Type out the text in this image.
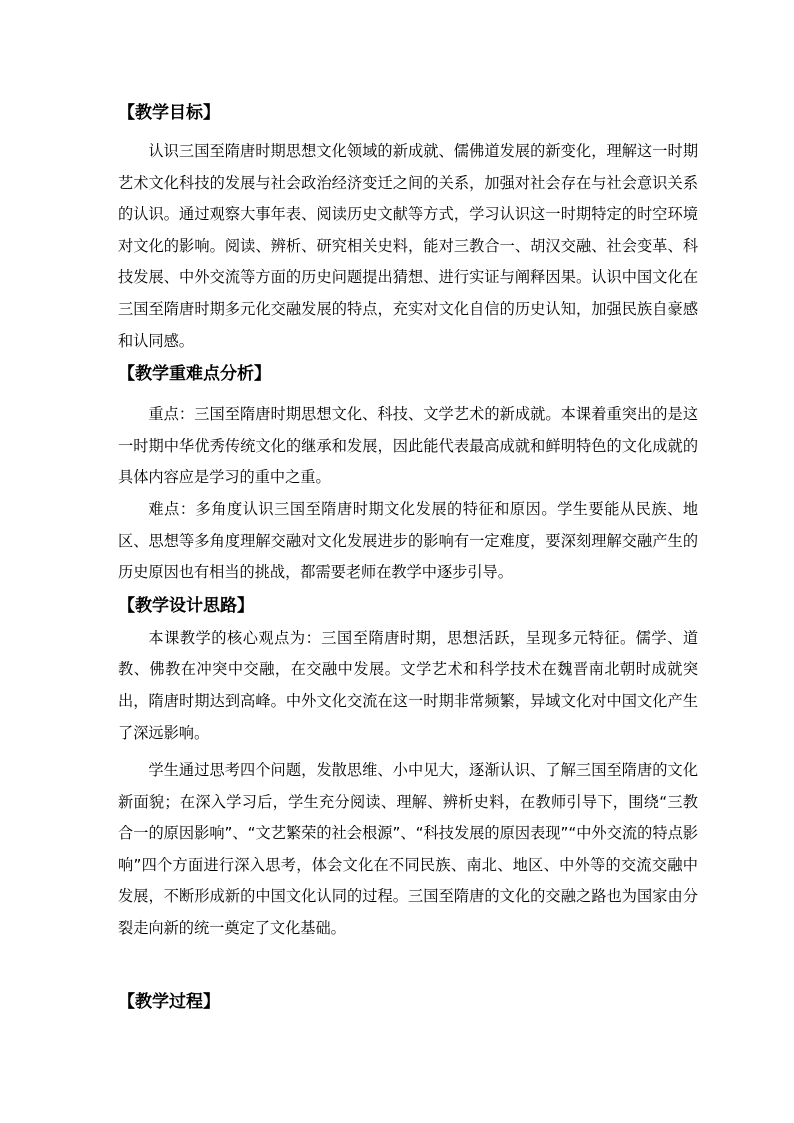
【教学目标】

认识三国至隋唐时期思想文化领域的新成就、儒佛道发展的新变化，理解这一时期艺术文化科技的发展与社会政治经济变迁之间的关系，加强对社会存在与社会意识关系的认识。通过观察大事年表、阅读历史文献等方式，学习认识这一时期特定的时空环境对文化的影响。阅读、辨析、研究相关史料，能对三教合一、胡汉交融、社会变革、科技发展、中外交流等方面的历史问题提出猜想、进行实证与阐释因果。认识中国文化在三国至隋唐时期多元化交融发展的特点，充实对文化自信的历史认知，加强民族自豪感和认同感。

【教学重难点分析】

重点：三国至隋唐时期思想文化、科技、文学艺术的新成就。本课着重突出的是这一时期中华优秀传统文化的继承和发展，因此能代表最高成就和鲜明特色的文化成就的具体内容应是学习的重中之重。

难点：多角度认识三国至隋唐时期文化发展的特征和原因。学生要能从民族、地区、思想等多角度理解交融对文化发展进步的影响有一定难度，要深刻理解交融产生的历史原因也有相当的挑战，都需要老师在教学中逐步引导。

【教学设计思路】

本课教学的核心观点为：三国至隋唐时期，思想活跃，呈现多元特征。儒学、道教、佛教在冲突中交融，在交融中发展。文学艺术和科学技术在魏晋南北朝时成就突出，隋唐时期达到高峰。中外文化交流在这一时期非常频繁，异域文化对中国文化产生了深远影响。

学生通过思考四个问题，发散思维、小中见大，逐渐认识、了解三国至隋唐的文化新面貌；在深入学习后，学生充分阅读、理解、辨析史料，在教师引导下，围绕“三教合一的原因影响”、“文艺繁荣的社会根源”、“科技发展的原因表现”“中外交流的特点影响”四个方面进行深入思考，体会文化在不同民族、南北、地区、中外等的交流交融中发展，不断形成新的中国文化认同的过程。三国至隋唐的文化的交融之路也为国家由分裂走向新的统一奠定了文化基础。

【教学过程】
